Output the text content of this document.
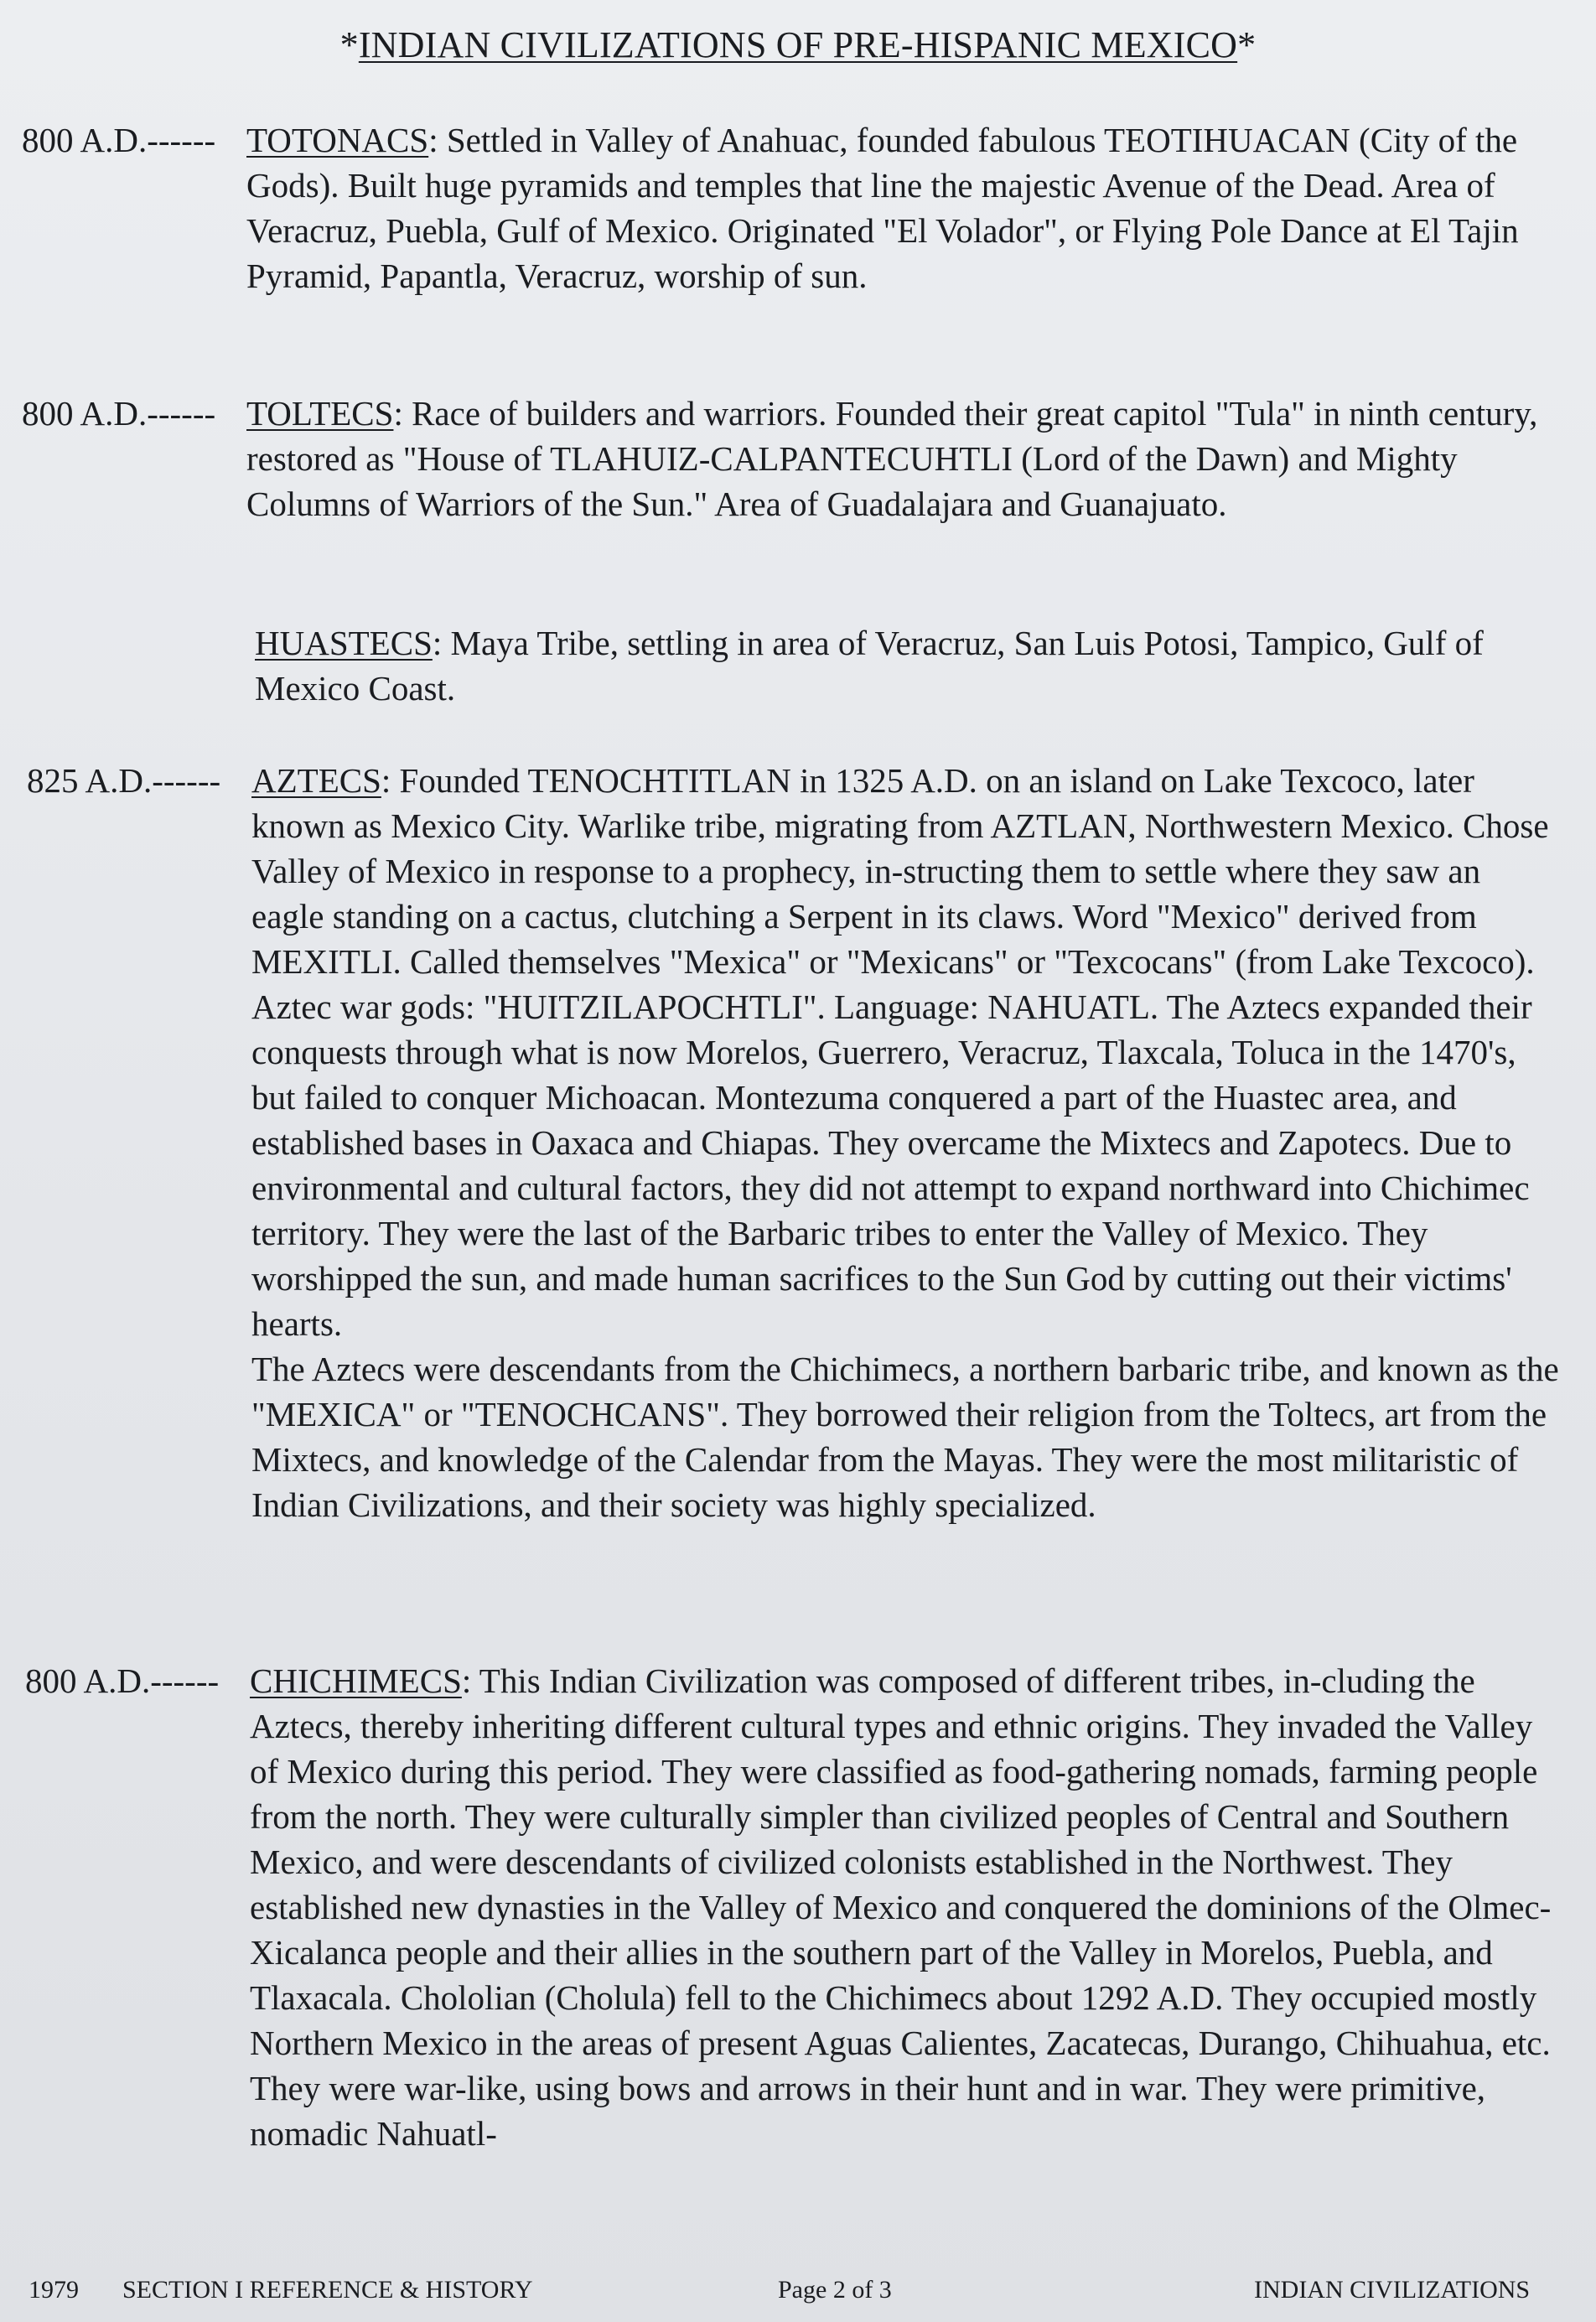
*INDIAN CIVILIZATIONS OF PRE-HISPANIC MEXICO*
800 A.D.------ TOTONACS: Settled in Valley of Anahuac, founded fabulous TEOTIHUACAN (City of the Gods). Built huge pyramids and temples that line the majestic Avenue of the Dead. Area of Veracruz, Puebla, Gulf of Mexico. Originated "El Volador", or Flying Pole Dance at El Tajin Pyramid, Papantla, Veracruz, worship of sun.

800 A.D.------ TOLTECS: Race of builders and warriors. Founded their great capitol "Tula" in ninth century, restored as "House of TLAHUIZ-CALPANTECUHTLI (Lord of the Dawn) and Mighty Columns of Warriors of the Sun." Area of Guadalajara and Guanajuato.

HUASTECS: Maya Tribe, settling in area of Veracruz, San Luis Potosi, Tampico, Gulf of Mexico Coast.

825 A.D.------ AZTECS: Founded TENOCHTITLAN in 1325 A.D. on an island on Lake Texcoco, later known as Mexico City. Warlike tribe, migrating from AZTLAN, Northwestern Mexico. Chose Valley of Mexico in response to a prophecy, in-structing them to settle where they saw an eagle standing on a cactus, clutching a Serpent in its claws. Word "Mexico" derived from MEXITLI. Called themselves "Mexica" or "Mexicans" or "Texcocans" (from Lake Texcoco). Aztec war gods: "HUITZILAPOCHTLI". Language: NAHUATL. The Aztecs expanded their conquests through what is now Morelos, Guerrero, Veracruz, Tlaxcala, Toluca in the 1470's, but failed to conquer Michoacan. Montezuma conquered a part of the Huastec area, and established bases in Oaxaca and Chiapas. They overcame the Mixtecs and Zapotecs. Due to environmental and cultural factors, they did not attempt to expand northward into Chichimec territory. They were the last of the Barbaric tribes to enter the Valley of Mexico. They worshipped the sun, and made human sacrifices to the Sun God by cutting out their victims' hearts.

The Aztecs were descendants from the Chichimecs, a northern barbaric tribe, and known as the "MEXICA" or "TENOCHCANS". They borrowed their religion from the Toltecs, art from the Mixtecs, and knowledge of the Calendar from the Mayas. They were the most militaristic of Indian Civilizations, and their society was highly specialized.

800 A.D.------ CHICHIMECS: This Indian Civilization was composed of different tribes, in-cluding the Aztecs, thereby inheriting different cultural types and ethnic origins. They invaded the Valley of Mexico during this period. They were classified as food-gathering nomads, farming people from the north. They were culturally simpler than civilized peoples of Central and Southern Mexico, and were descendants of civilized colonists established in the Northwest. They established new dynasties in the Valley of Mexico and conquered the dominions of the Olmec-Xicalanca people and their allies in the southern part of the Valley in Morelos, Puebla, and Tlaxacala. Chololian (Cholula) fell to the Chichimecs about 1292 A.D. They occupied mostly Northern Mexico in the areas of present Aguas Calientes, Zacatecas, Durango, Chihuahua, etc. They were war-like, using bows and arrows in their hunt and in war. They were primitive, nomadic Nahuatl-

1979 SECTION I REFERENCE & HISTORY	Page 2 of 3	INDIAN CIVILIZATIONS
